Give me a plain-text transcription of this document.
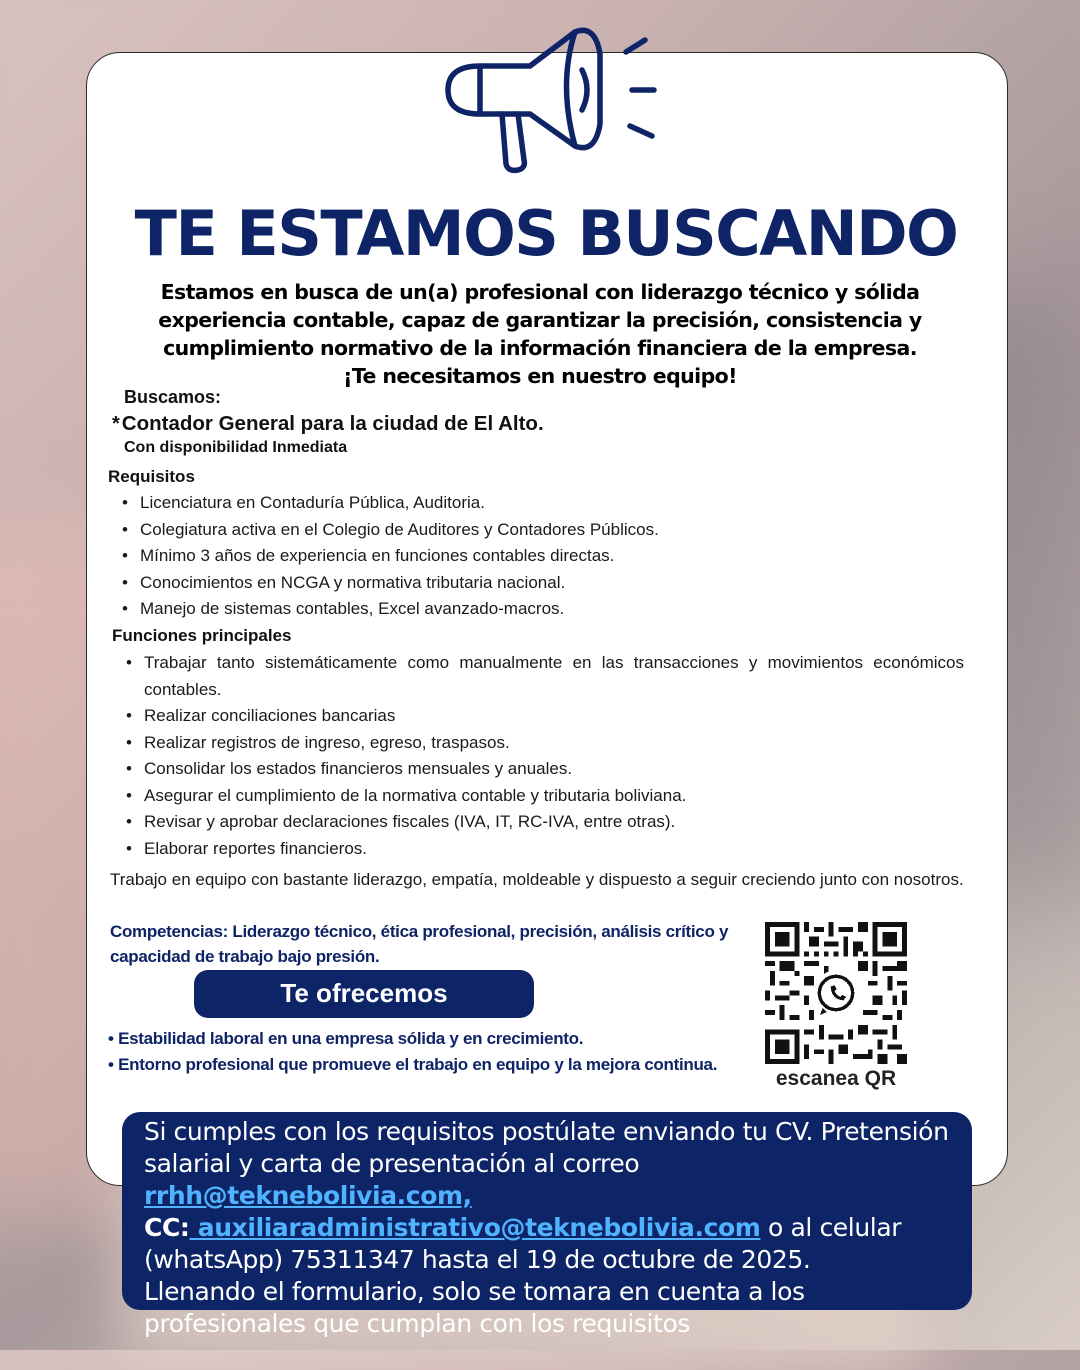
TE ESTAMOS BUSCANDO
Estamos en busca de un(a) profesional con liderazgo técnico y sólida
experiencia contable, capaz de garantizar la precisión, consistencia y
cumplimiento normativo de la información financiera de la empresa.
¡Te necesitamos en nuestro equipo!
Buscamos:
*Contador General para la ciudad de El Alto.
Con disponibilidad Inmediata
Requisitos
• Licenciatura en Contaduría Pública, Auditoria.
• Colegiatura activa en el Colegio de Auditores y Contadores Públicos.
• Mínimo 3 años de experiencia en funciones contables directas.
• Conocimientos en NCGA y normativa tributaria nacional.
• Manejo de sistemas contables, Excel avanzado-macros.
Funciones principales
• Trabajar tanto sistemáticamente como manualmente en las transacciones y movimientos económicos contables.
• Realizar conciliaciones bancarias
• Realizar registros de ingreso, egreso, traspasos.
• Consolidar los estados financieros mensuales y anuales.
• Asegurar el cumplimiento de la normativa contable y tributaria boliviana.
• Revisar y aprobar declaraciones fiscales (IVA, IT, RC-IVA, entre otras).
• Elaborar reportes financieros.
Trabajo en equipo con bastante liderazgo, empatía, moldeable y dispuesto a seguir creciendo junto con nosotros.
Competencias: Liderazgo técnico, ética profesional, precisión, análisis crítico y capacidad de trabajo bajo presión.
Te ofrecemos
• Estabilidad laboral en una empresa sólida y en crecimiento.
• Entorno profesional que promueve el trabajo en equipo y la mejora continua.
escanea QR
Si cumples con los requisitos postúlate enviando tu CV. Pretensión salarial y carta de presentación al correo rrhh@teknebolivia.com,
CC: auxiliaradministrativo@teknebolivia.com o al celular (whatsApp) 75311347 hasta el 19 de octubre de 2025.
Llenando el formulario, solo se tomara en cuenta a los profesionales que cumplan con los requisitos
